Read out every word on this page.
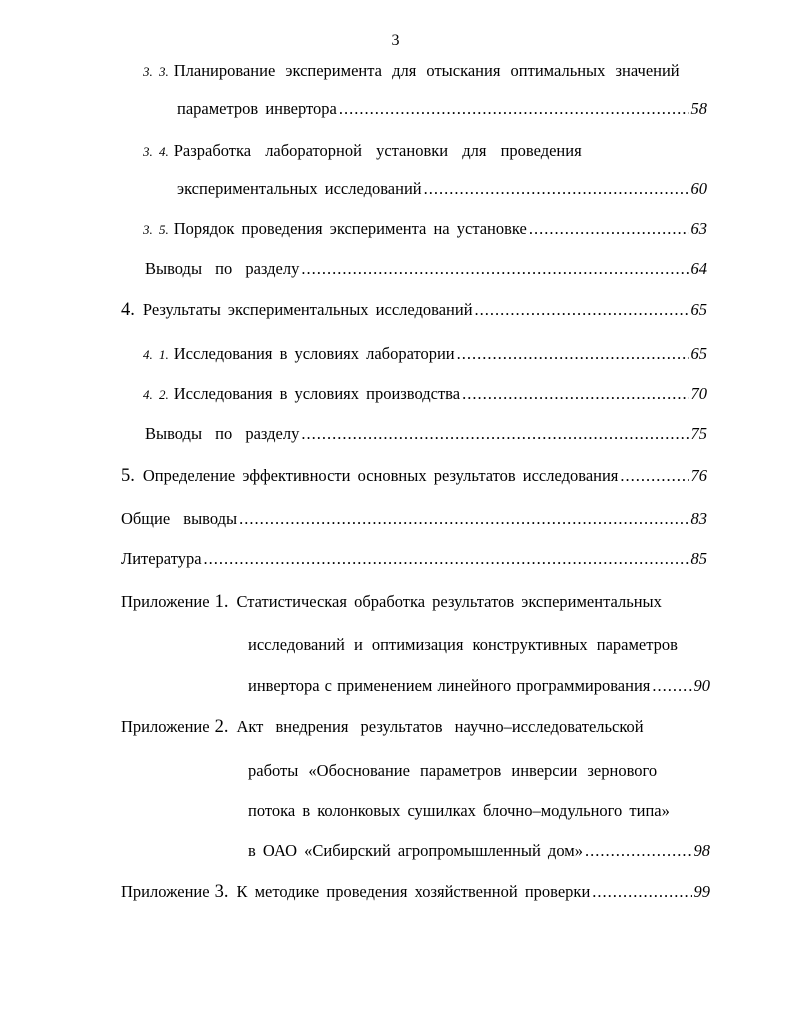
3
3. 3. Планирование эксперимента для отыскания оптимальных значений
параметров инвертора .....	58
3. 4. Разработка лабораторной установки для проведения
экспериментальных исследований .....	60
3. 5. Порядок проведения эксперимента на установке .....	63
Выводы по разделу .....	64
4. Результаты экспериментальных исследований .....	65
4. 1. Исследования в условиях лаборатории .....	65
4. 2. Исследования в условиях производства .....	70
Выводы по разделу .....	75
5. Определение эффективности основных результатов исследования .....	76
Общие выводы .....	83
Литература .....	85
Приложение 1. Статистическая обработка результатов экспериментальных
исследований и оптимизация конструктивных параметров
инвертора с применением линейного программирования .....	90
Приложение 2. Акт внедрения результатов научно–исследовательской
работы «Обоснование параметров инверсии зернового
потока в колонковых сушилках блочно–модульного типа»
в ОАО «Сибирский агропромышленный дом» .....	98
Приложение 3. К методике проведения хозяйственной проверки .....	99
